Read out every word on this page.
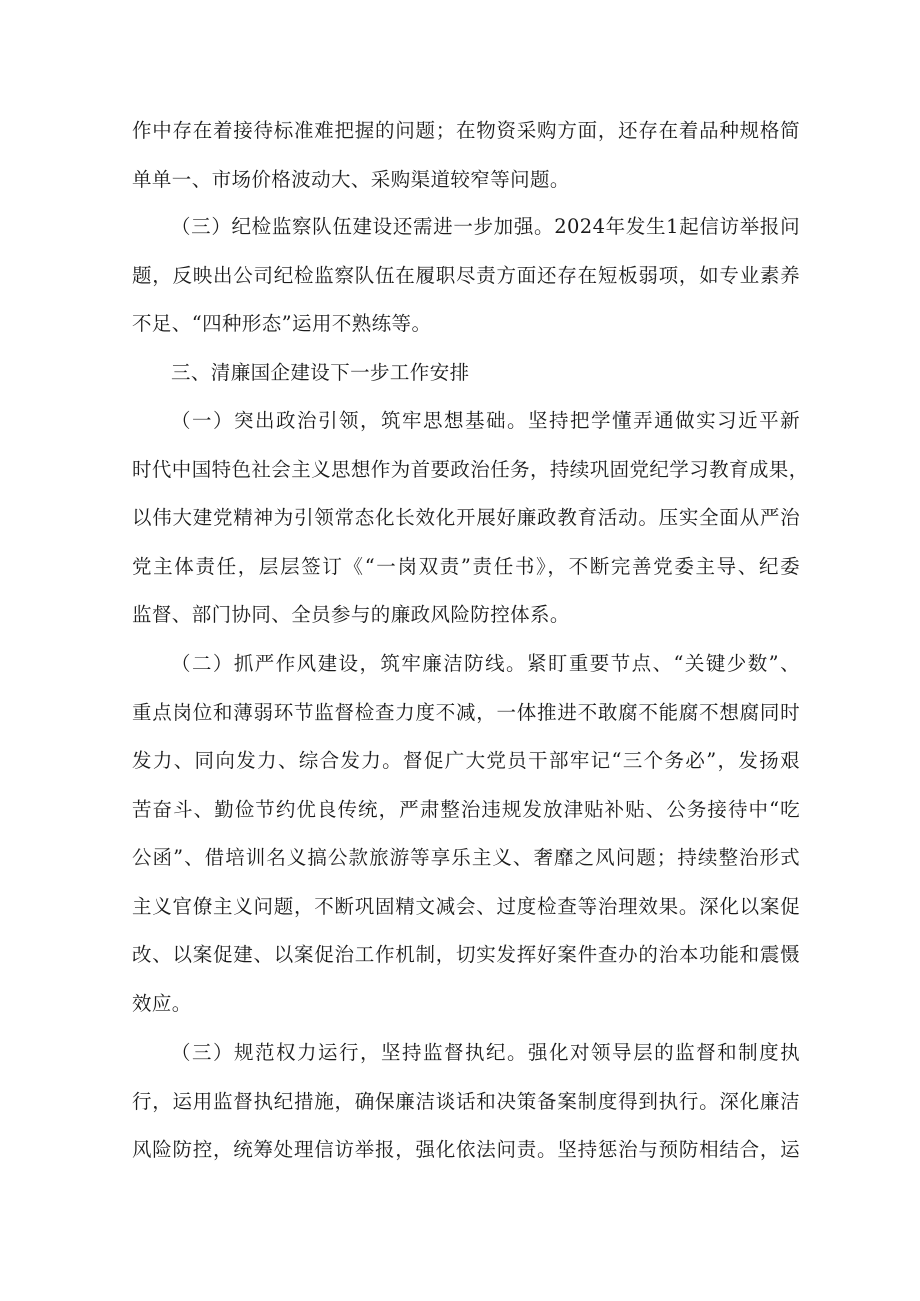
作中存在着接待标准难把握的问题；在物资采购方面，还存在着品种规格简
单单一、市场价格波动大、采购渠道较窄等问题。
（三）纪检监察队伍建设还需进一步加强。2024年发生1起信访举报问
题，反映出公司纪检监察队伍在履职尽责方面还存在短板弱项，如专业素养
不足、“四种形态”运用不熟练等。
三、清廉国企建设下一步工作安排
（一）突出政治引领，筑牢思想基础。坚持把学懂弄通做实习近平新
时代中国特色社会主义思想作为首要政治任务，持续巩固党纪学习教育成果，
以伟大建党精神为引领常态化长效化开展好廉政教育活动。压实全面从严治
党主体责任，层层签订《“一岗双责”责任书》，不断完善党委主导、纪委
监督、部门协同、全员参与的廉政风险防控体系。
（二）抓严作风建设，筑牢廉洁防线。紧盯重要节点、“关键少数”、
重点岗位和薄弱环节监督检查力度不减，一体推进不敢腐不能腐不想腐同时
发力、同向发力、综合发力。督促广大党员干部牢记“三个务必”，发扬艰
苦奋斗、勤俭节约优良传统，严肃整治违规发放津贴补贴、公务接待中“吃
公函”、借培训名义搞公款旅游等享乐主义、奢靡之风问题；持续整治形式
主义官僚主义问题，不断巩固精文减会、过度检查等治理效果。深化以案促
改、以案促建、以案促治工作机制，切实发挥好案件查办的治本功能和震慑
效应。
（三）规范权力运行，坚持监督执纪。强化对领导层的监督和制度执
行，运用监督执纪措施，确保廉洁谈话和决策备案制度得到执行。深化廉洁
风险防控，统筹处理信访举报，强化依法问责。坚持惩治与预防相结合，运
